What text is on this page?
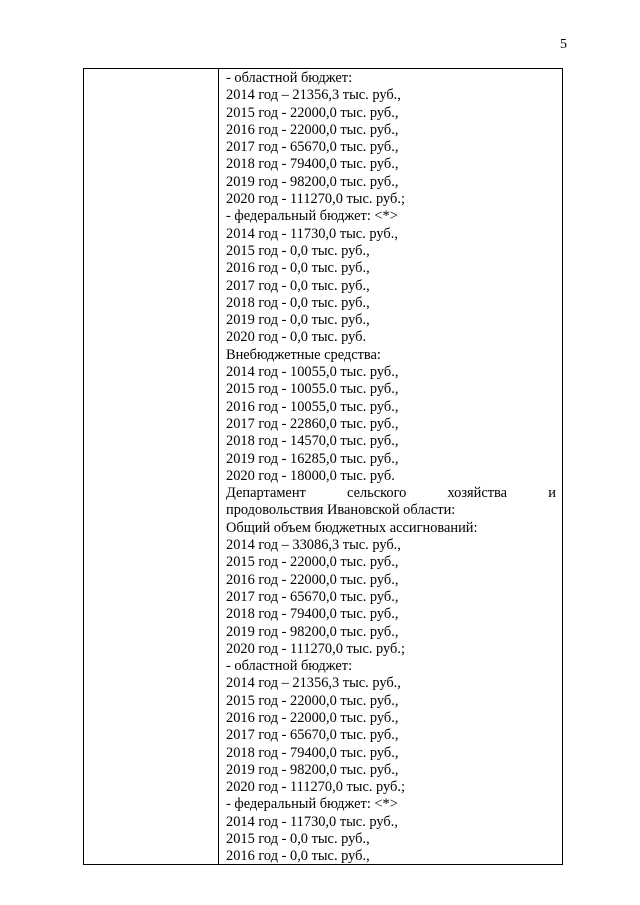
5
- областной бюджет:
2014 год – 21356,3 тыс. руб.,
2015 год - 22000,0 тыс. руб.,
2016 год - 22000,0 тыс. руб.,
2017 год - 65670,0 тыс. руб.,
2018 год - 79400,0 тыс. руб.,
2019 год - 98200,0 тыс. руб.,
2020 год - 111270,0 тыс. руб.;
- федеральный бюджет: <*>
2014 год - 11730,0 тыс. руб.,
2015 год - 0,0 тыс. руб.,
2016 год - 0,0 тыс. руб.,
2017 год - 0,0 тыс. руб.,
2018 год - 0,0 тыс. руб.,
2019 год - 0,0 тыс. руб.,
2020 год - 0,0 тыс. руб.
Внебюджетные средства:
2014 год - 10055,0 тыс. руб.,
2015 год - 10055.0 тыс. руб.,
2016 год - 10055,0 тыс. руб.,
2017 год - 22860,0 тыс. руб.,
2018 год - 14570,0 тыс. руб.,
2019 год - 16285,0 тыс. руб.,
2020 год - 18000,0 тыс. руб.
Департамент	сельского	хозяйства	и
продовольствия Ивановской области:
Общий объем бюджетных ассигнований:
2014 год – 33086,3 тыс. руб.,
2015 год - 22000,0 тыс. руб.,
2016 год - 22000,0 тыс. руб.,
2017 год - 65670,0 тыс. руб.,
2018 год - 79400,0 тыс. руб.,
2019 год - 98200,0 тыс. руб.,
2020 год - 111270,0 тыс. руб.;
- областной бюджет:
2014 год – 21356,3 тыс. руб.,
2015 год - 22000,0 тыс. руб.,
2016 год - 22000,0 тыс. руб.,
2017 год - 65670,0 тыс. руб.,
2018 год - 79400,0 тыс. руб.,
2019 год - 98200,0 тыс. руб.,
2020 год - 111270,0 тыс. руб.;
- федеральный бюджет: <*>
2014 год - 11730,0 тыс. руб.,
2015 год - 0,0 тыс. руб.,
2016 год - 0,0 тыс. руб.,
